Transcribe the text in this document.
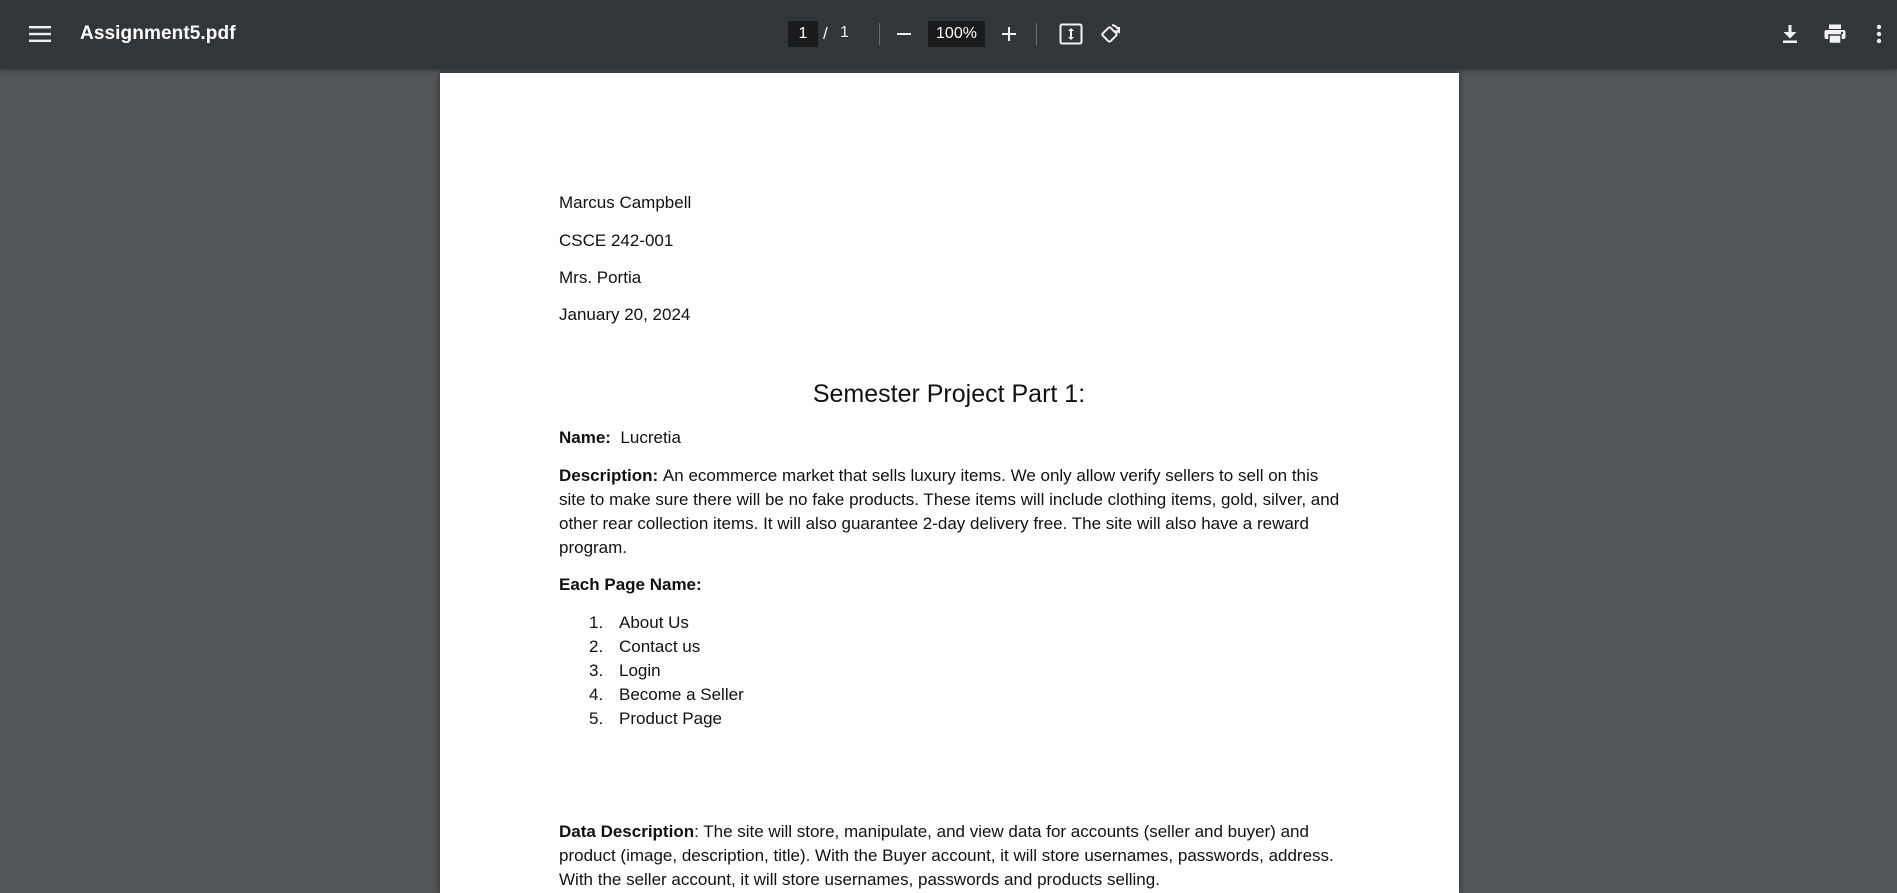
Assignment5.pdf
1	/ 1
100%
Marcus Campbell
CSCE 242-001
Mrs. Portia
January 20, 2024
Semester Project Part 1:
Name: Lucretia
Description: An ecommerce market that sells luxury items. We only allow verify sellers to sell on this site to make sure there will be no fake products. These items will include clothing items, gold, silver, and other rear collection items. It will also guarantee 2-day delivery free. The site will also have a reward program.
Each Page Name:
1. About Us
2. Contact us
3. Login
4. Become a Seller
5. Product Page
Data Description: The site will store, manipulate, and view data for accounts (seller and buyer) and product (image, description, title). With the Buyer account, it will store usernames, passwords, address. With the seller account, it will store usernames, passwords and products selling.
